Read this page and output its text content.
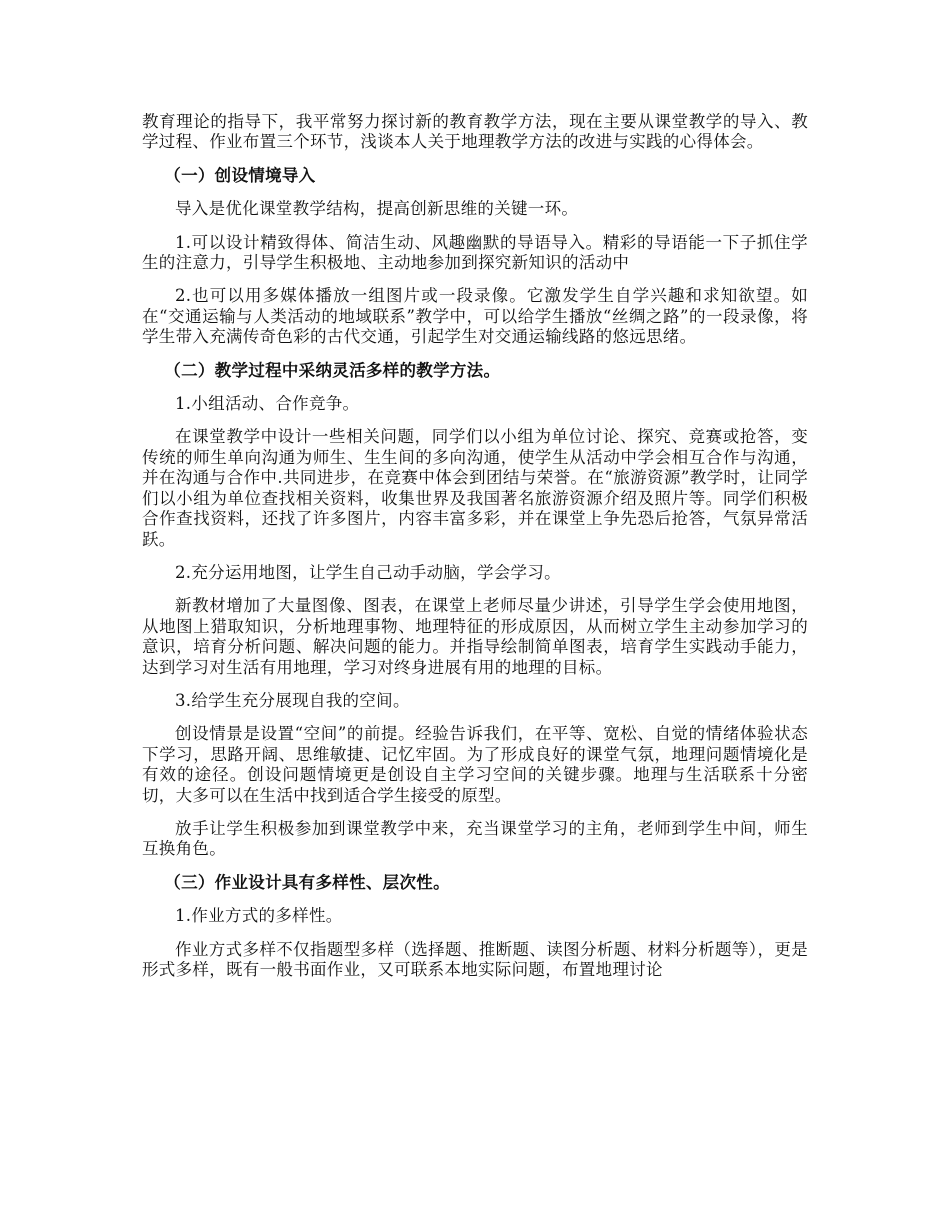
教育理论的指导下，我平常努力探讨新的教育教学方法，现在主要从课堂教学的导入、教学过程、作业布置三个环节，浅谈本人关于地理教学方法的改进与实践的心得体会。

（一）创设情境导入

导入是优化课堂教学结构，提高创新思维的关键一环。

1.可以设计精致得体、简洁生动、风趣幽默的导语导入。精彩的导语能一下子抓住学生的注意力，引导学生积极地、主动地参加到探究新知识的活动中

2.也可以用多媒体播放一组图片或一段录像。它激发学生自学兴趣和求知欲望。如在“交通运输与人类活动的地域联系”教学中，可以给学生播放“丝绸之路”的一段录像，将学生带入充满传奇色彩的古代交通，引起学生对交通运输线路的悠远思绪。

（二）教学过程中采纳灵活多样的教学方法。

1.小组活动、合作竞争。

在课堂教学中设计一些相关问题，同学们以小组为单位讨论、探究、竞赛或抢答，变传统的师生单向沟通为师生、生生间的多向沟通，使学生从活动中学会相互合作与沟通，并在沟通与合作中.共同进步，在竞赛中体会到团结与荣誉。在“旅游资源”教学时，让同学们以小组为单位查找相关资料，收集世界及我国著名旅游资源介绍及照片等。同学们积极合作查找资料，还找了许多图片，内容丰富多彩，并在课堂上争先恐后抢答，气氛异常活跃。

2.充分运用地图，让学生自己动手动脑，学会学习。

新教材增加了大量图像、图表，在课堂上老师尽量少讲述，引导学生学会使用地图，从地图上猎取知识，分析地理事物、地理特征的形成原因，从而树立学生主动参加学习的意识，培育分析问题、解决问题的能力。并指导绘制简单图表，培育学生实践动手能力，达到学习对生活有用地理，学习对终身进展有用的地理的目标。

3.给学生充分展现自我的空间。

创设情景是设置“空间”的前提。经验告诉我们，在平等、宽松、自觉的情绪体验状态下学习，思路开阔、思维敏捷、记忆牢固。为了形成良好的课堂气氛，地理问题情境化是有效的途径。创设问题情境更是创设自主学习空间的关键步骤。地理与生活联系十分密切，大多可以在生活中找到适合学生接受的原型。

放手让学生积极参加到课堂教学中来，充当课堂学习的主角，老师到学生中间，师生互换角色。

（三）作业设计具有多样性、层次性。

1.作业方式的多样性。

作业方式多样不仅指题型多样（选择题、推断题、读图分析题、材料分析题等），更是形式多样，既有一般书面作业，又可联系本地实际问题，布置地理讨论
